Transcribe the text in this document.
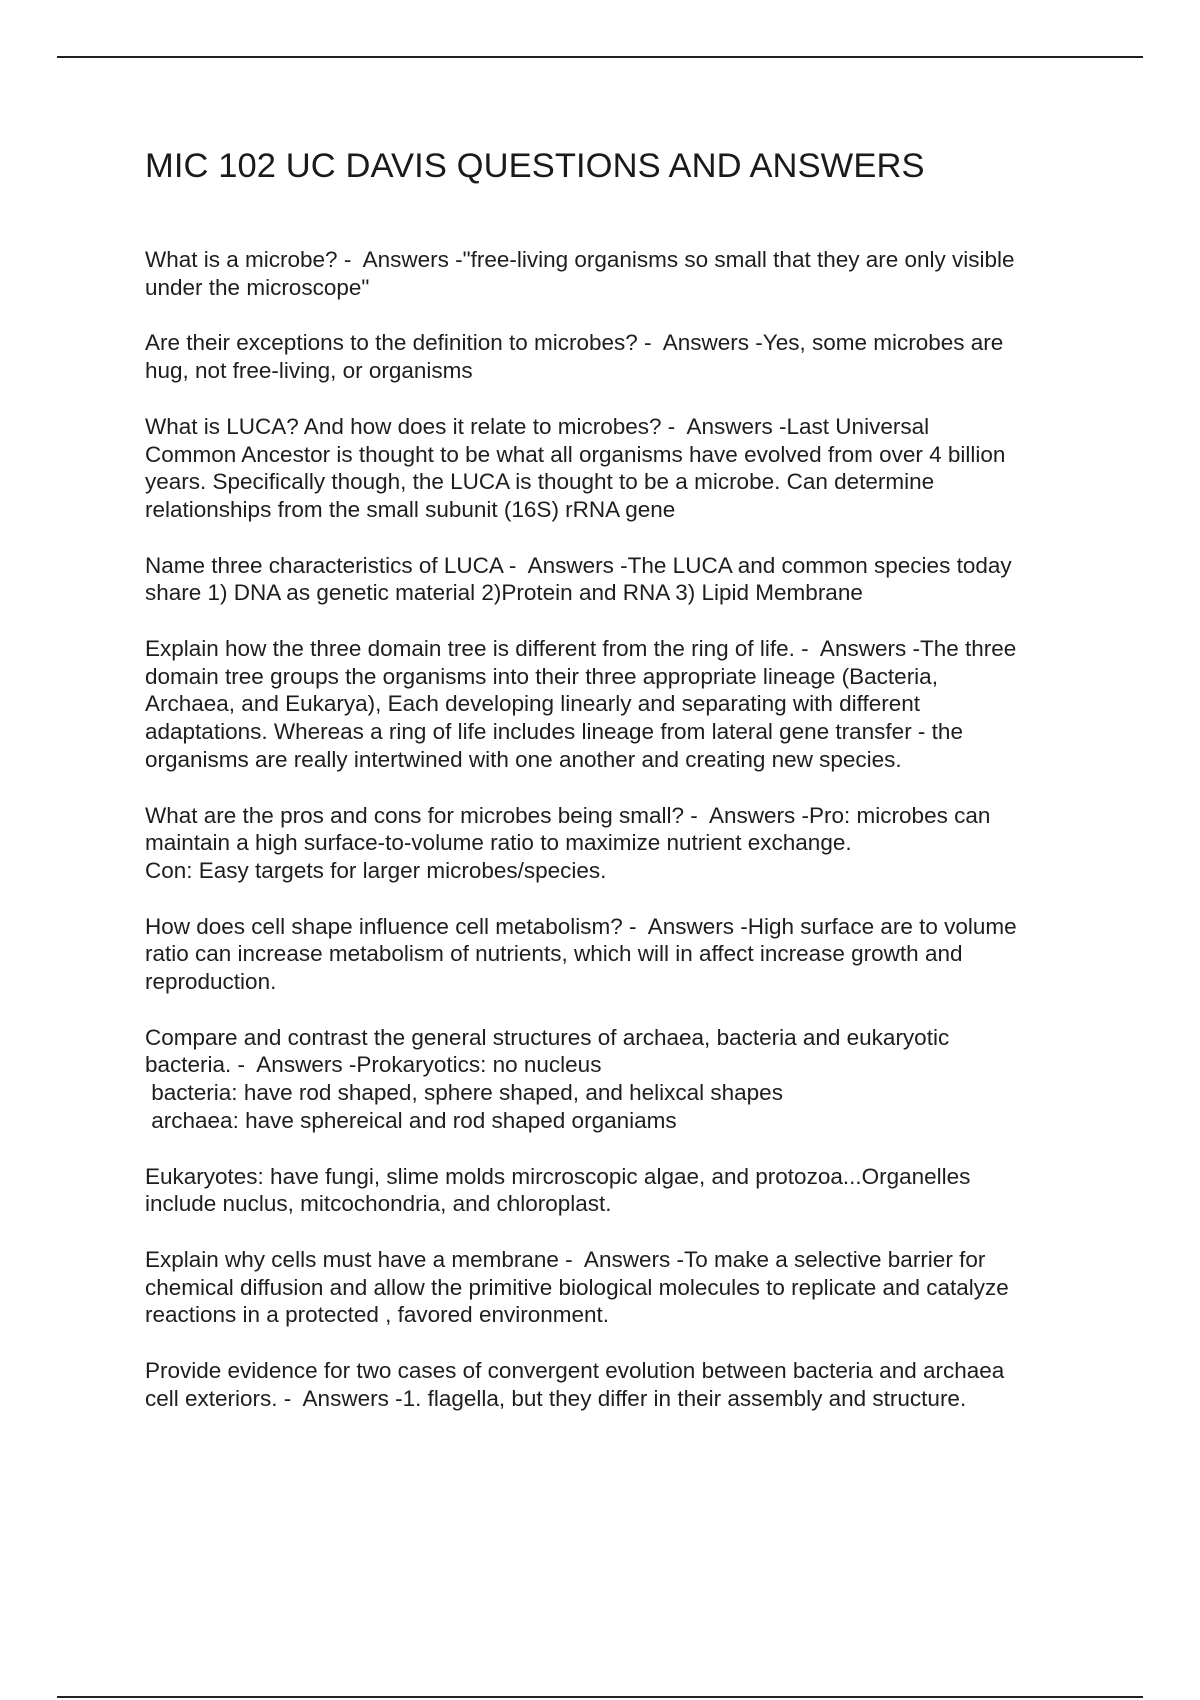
MIC 102 UC DAVIS QUESTIONS AND ANSWERS

What is a microbe? -  Answers -"free-living organisms so small that they are only visible
under the microscope"

Are their exceptions to the definition to microbes? -  Answers -Yes, some microbes are
hug, not free-living, or organisms

What is LUCA? And how does it relate to microbes? -  Answers -Last Universal
Common Ancestor is thought to be what all organisms have evolved from over 4 billion
years. Specifically though, the LUCA is thought to be a microbe. Can determine
relationships from the small subunit (16S) rRNA gene

Name three characteristics of LUCA -  Answers -The LUCA and common species today
share 1) DNA as genetic material 2)Protein and RNA 3) Lipid Membrane

Explain how the three domain tree is different from the ring of life. -  Answers -The three
domain tree groups the organisms into their three appropriate lineage (Bacteria,
Archaea, and Eukarya), Each developing linearly and separating with different
adaptations. Whereas a ring of life includes lineage from lateral gene transfer - the
organisms are really intertwined with one another and creating new species.

What are the pros and cons for microbes being small? -  Answers -Pro: microbes can
maintain a high surface-to-volume ratio to maximize nutrient exchange.
Con: Easy targets for larger microbes/species.

How does cell shape influence cell metabolism? -  Answers -High surface are to volume
ratio can increase metabolism of nutrients, which will in affect increase growth and
reproduction.

Compare and contrast the general structures of archaea, bacteria and eukaryotic
bacteria. -  Answers -Prokaryotics: no nucleus
bacteria: have rod shaped, sphere shaped, and helixcal shapes
archaea: have sphereical and rod shaped organiams

Eukaryotes: have fungi, slime molds mircroscopic algae, and protozoa...Organelles
include nuclus, mitcochondria, and chloroplast.

Explain why cells must have a membrane -  Answers -To make a selective barrier for
chemical diffusion and allow the primitive biological molecules to replicate and catalyze
reactions in a protected , favored environment.

Provide evidence for two cases of convergent evolution between bacteria and archaea
cell exteriors. -  Answers -1. flagella, but they differ in their assembly and structure.
